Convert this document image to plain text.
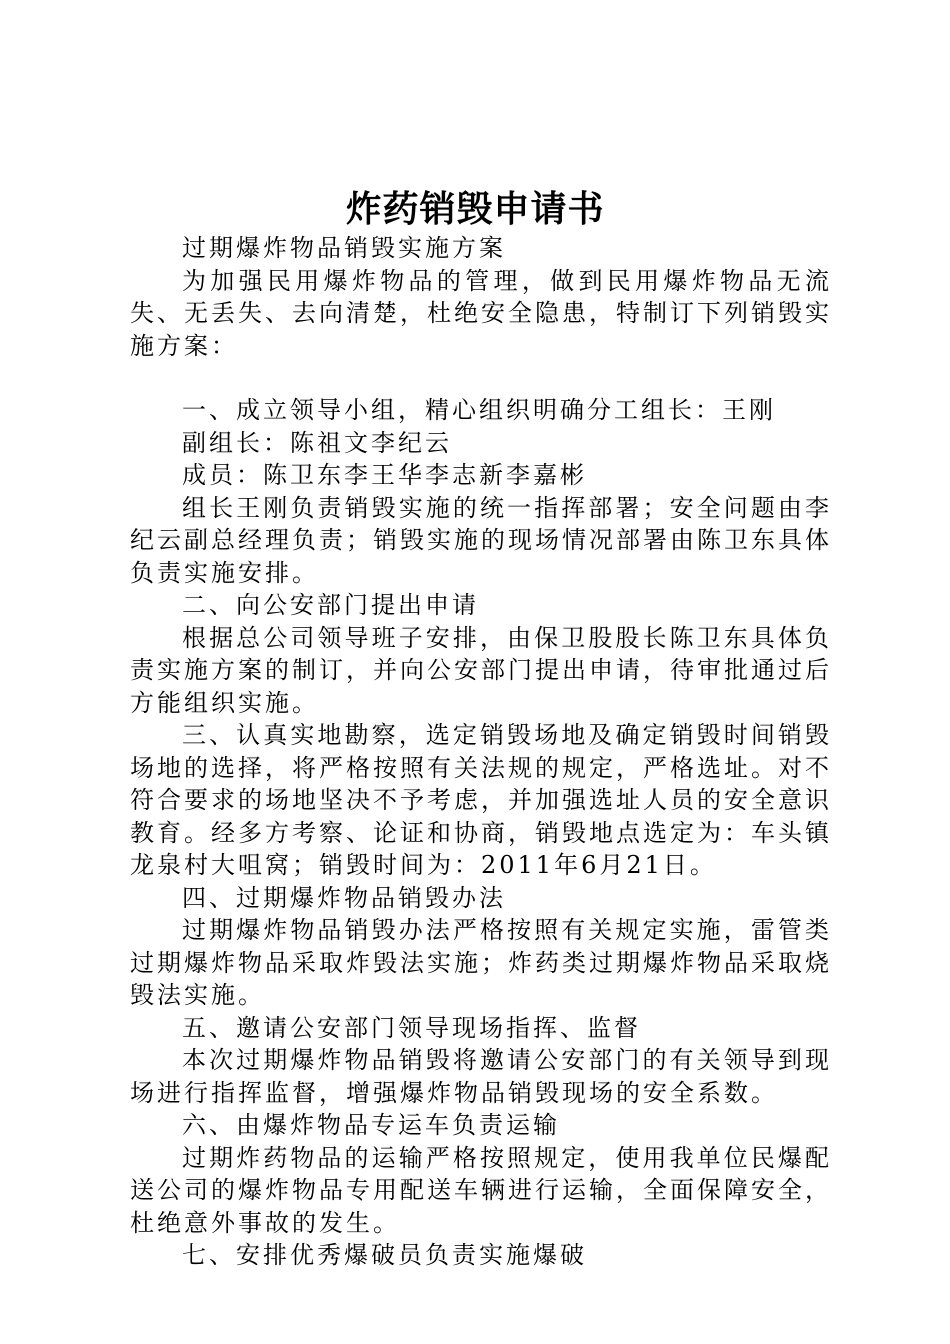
炸药销毁申请书

过期爆炸物品销毁实施方案

为加强民用爆炸物品的管理，做到民用爆炸物品无流失、无丢失、去向清楚，杜绝安全隐患，特制订下列销毁实施方案：

一、成立领导小组，精心组织明确分工组长：王刚

副组长：陈祖文李纪云

成员：陈卫东李王华李志新李嘉彬

组长王刚负责销毁实施的统一指挥部署；安全问题由李纪云副总经理负责；销毁实施的现场情况部署由陈卫东具体负责实施安排。

二、向公安部门提出申请

根据总公司领导班子安排，由保卫股股长陈卫东具体负责实施方案的制订，并向公安部门提出申请，待审批通过后方能组织实施。

三、认真实地勘察，选定销毁场地及确定销毁时间销毁场地的选择，将严格按照有关法规的规定，严格选址。对不符合要求的场地坚决不予考虑，并加强选址人员的安全意识教育。经多方考察、论证和协商，销毁地点选定为：车头镇龙泉村大咀窝；销毁时间为：2011年6月21日。

四、过期爆炸物品销毁办法

过期爆炸物品销毁办法严格按照有关规定实施，雷管类过期爆炸物品采取炸毁法实施；炸药类过期爆炸物品采取烧毁法实施。

五、邀请公安部门领导现场指挥、监督

本次过期爆炸物品销毁将邀请公安部门的有关领导到现场进行指挥监督，增强爆炸物品销毁现场的安全系数。

六、由爆炸物品专运车负责运输

过期炸药物品的运输严格按照规定，使用我单位民爆配送公司的爆炸物品专用配送车辆进行运输，全面保障安全，杜绝意外事故的发生。

七、安排优秀爆破员负责实施爆破
